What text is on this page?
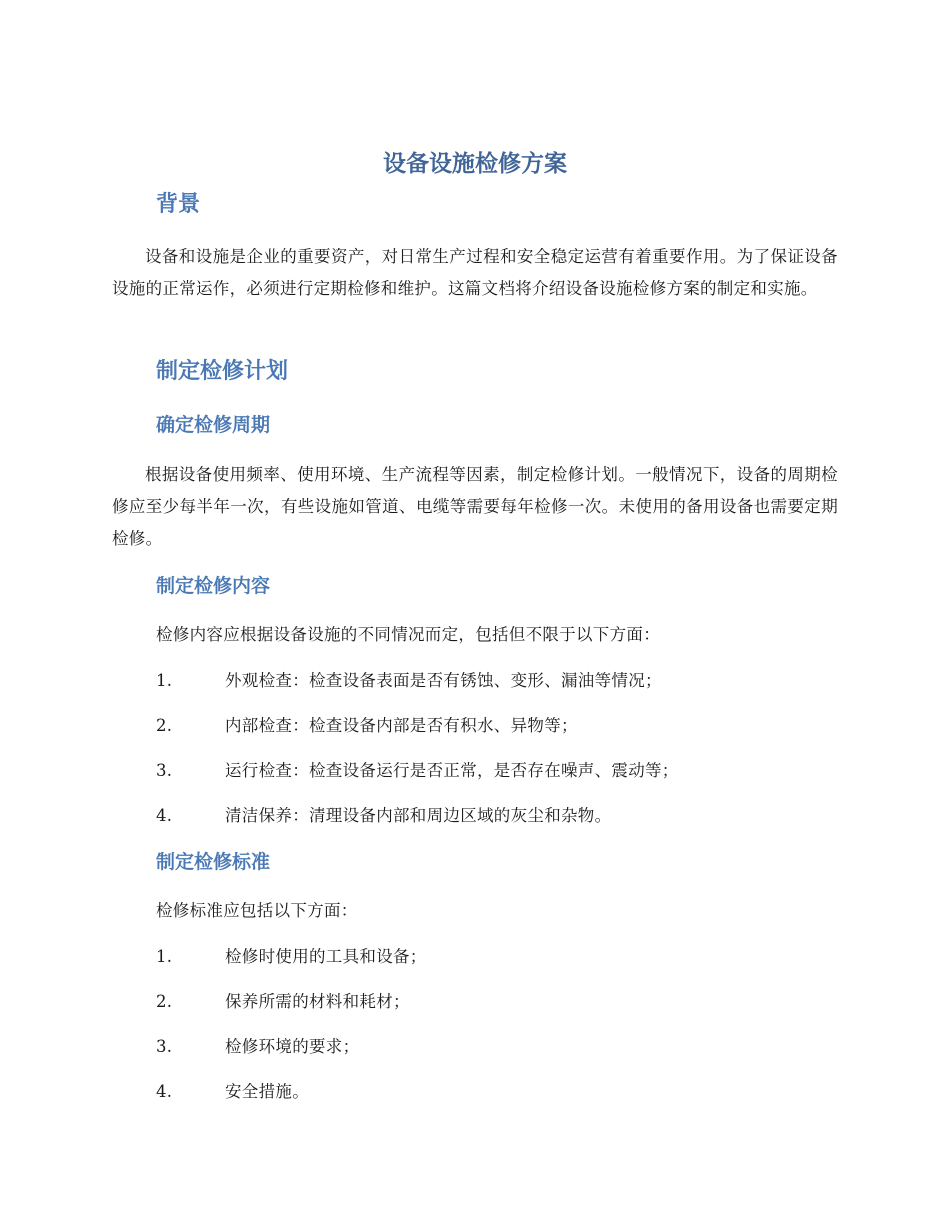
设备设施检修方案
背景
设备和设施是企业的重要资产，对日常生产过程和安全稳定运营有着重要作用。为了保证设备设施的正常运作，必须进行定期检修和维护。这篇文档将介绍设备设施检修方案的制定和实施。
制定检修计划
确定检修周期
根据设备使用频率、使用环境、生产流程等因素，制定检修计划。一般情况下，设备的周期检修应至少每半年一次，有些设施如管道、电缆等需要每年检修一次。未使用的备用设备也需要定期检修。
制定检修内容
检修内容应根据设备设施的不同情况而定，包括但不限于以下方面：
1.	外观检查：检查设备表面是否有锈蚀、变形、漏油等情况；
2.	内部检查：检查设备内部是否有积水、异物等；
3.	运行检查：检查设备运行是否正常，是否存在噪声、震动等；
4.	清洁保养：清理设备内部和周边区域的灰尘和杂物。
制定检修标准
检修标准应包括以下方面：
1.	检修时使用的工具和设备；
2.	保养所需的材料和耗材；
3.	检修环境的要求；
4.	安全措施。
